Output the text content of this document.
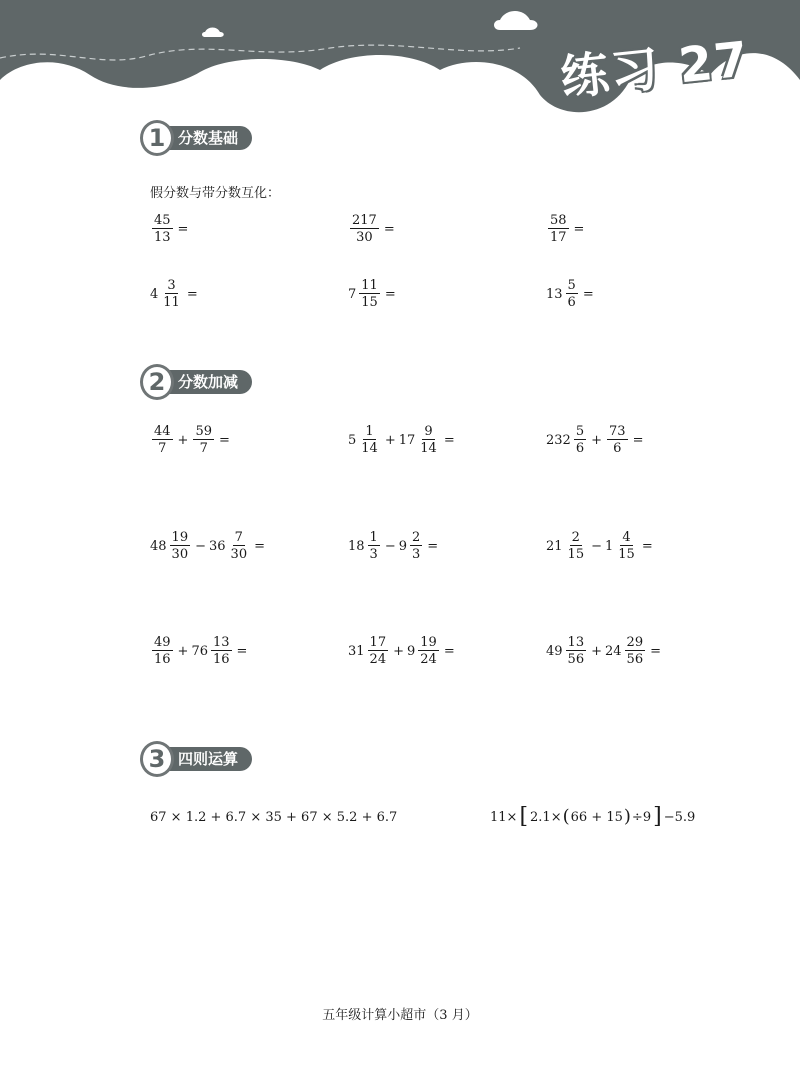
练习 27
1 分数基础
假分数与带分数互化：
$\frac{45}{13}$ =	$\frac{217}{30}$ =	$\frac{58}{17}$ =
$4 \frac{3}{11}$ =	$7 \frac{11}{15}$ =	$13 \frac{5}{6}$ =
2 分数加减
$\frac{44}{7} + \frac{59}{7}$ =	$5 \frac{1}{14} + 17 \frac{9}{14}$ =	$232 \frac{5}{6} + \frac{73}{6}$ =
$48 \frac{19}{30} - 36 \frac{7}{30}$ =	$18 \frac{1}{3} - 9 \frac{2}{3}$ =	$21 \frac{2}{15} - 1 \frac{4}{15}$ =
$\frac{49}{16} + 76 \frac{13}{16}$ =	$31 \frac{17}{24} + 9 \frac{19}{24}$ =	$49 \frac{13}{56} + 24 \frac{29}{56}$ =
3 四则运算
67 × 1.2 + 6.7 × 35 + 67 × 5.2 + 6.7	11× [ 2.1× ( 66 + 15 ) ÷9 ] −5.9
五年级计算小超市（3 月）
